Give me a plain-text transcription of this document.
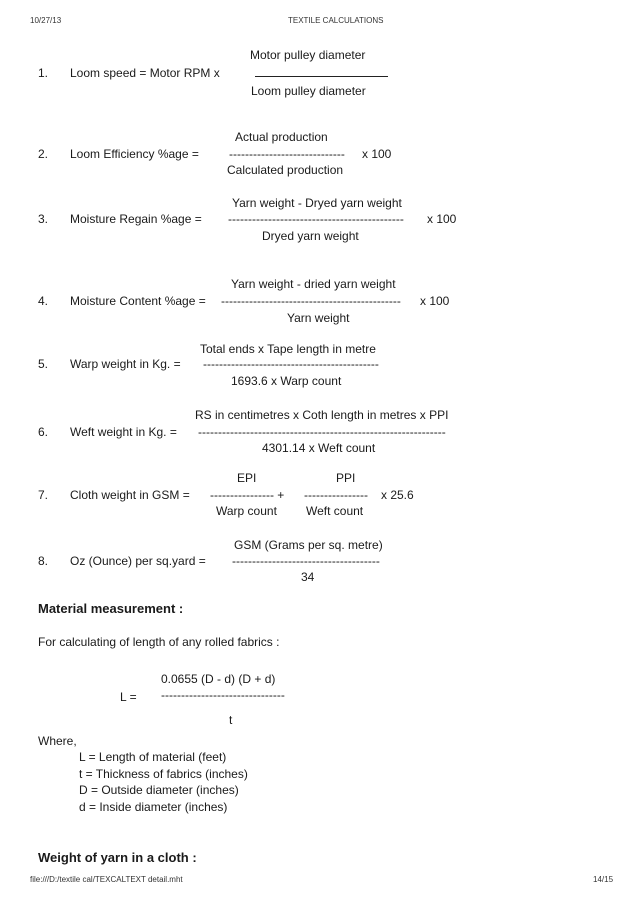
10/27/13	TEXTILE CALCULATIONS
Motor pulley diameter
1. Loom speed = Motor RPM x
Loom pulley diameter
Actual production
2. Loom Efficiency %age =	----------------------------- x 100
Calculated production
Yarn weight - Dryed yarn weight
3. Moisture Regain %age = -------------------------------------------- x 100
Dryed yarn weight
Yarn weight - dried yarn weight
4. Moisture Content %age = --------------------------------------------- x 100
Yarn weight
Total ends x Tape length in metre
5. Warp weight in Kg. = --------------------------------------------
1693.6 x Warp count
RS in centimetres x Coth length in metres x PPI
6. Weft weight in Kg. = --------------------------------------------------------------
4301.14 x Weft count
EPI	PPI
7. Cloth weight in GSM = ---------------- + ---------------- x 25.6
Warp count Weft count
GSM (Grams per sq. metre)
8. Oz (Ounce) per sq.yard = -------------------------------------
34
Material measurement :
For calculating of length of any rolled fabrics :
0.0655 (D - d) (D + d)
L = -------------------------------
t
Where,
L = Length of material (feet)
t = Thickness of fabrics (inches)
D = Outside diameter (inches)
d = Inside diameter (inches)
Weight of yarn in a cloth :
file:///D:/textile cal/TEXCALTEXT detail.mht	14/15
